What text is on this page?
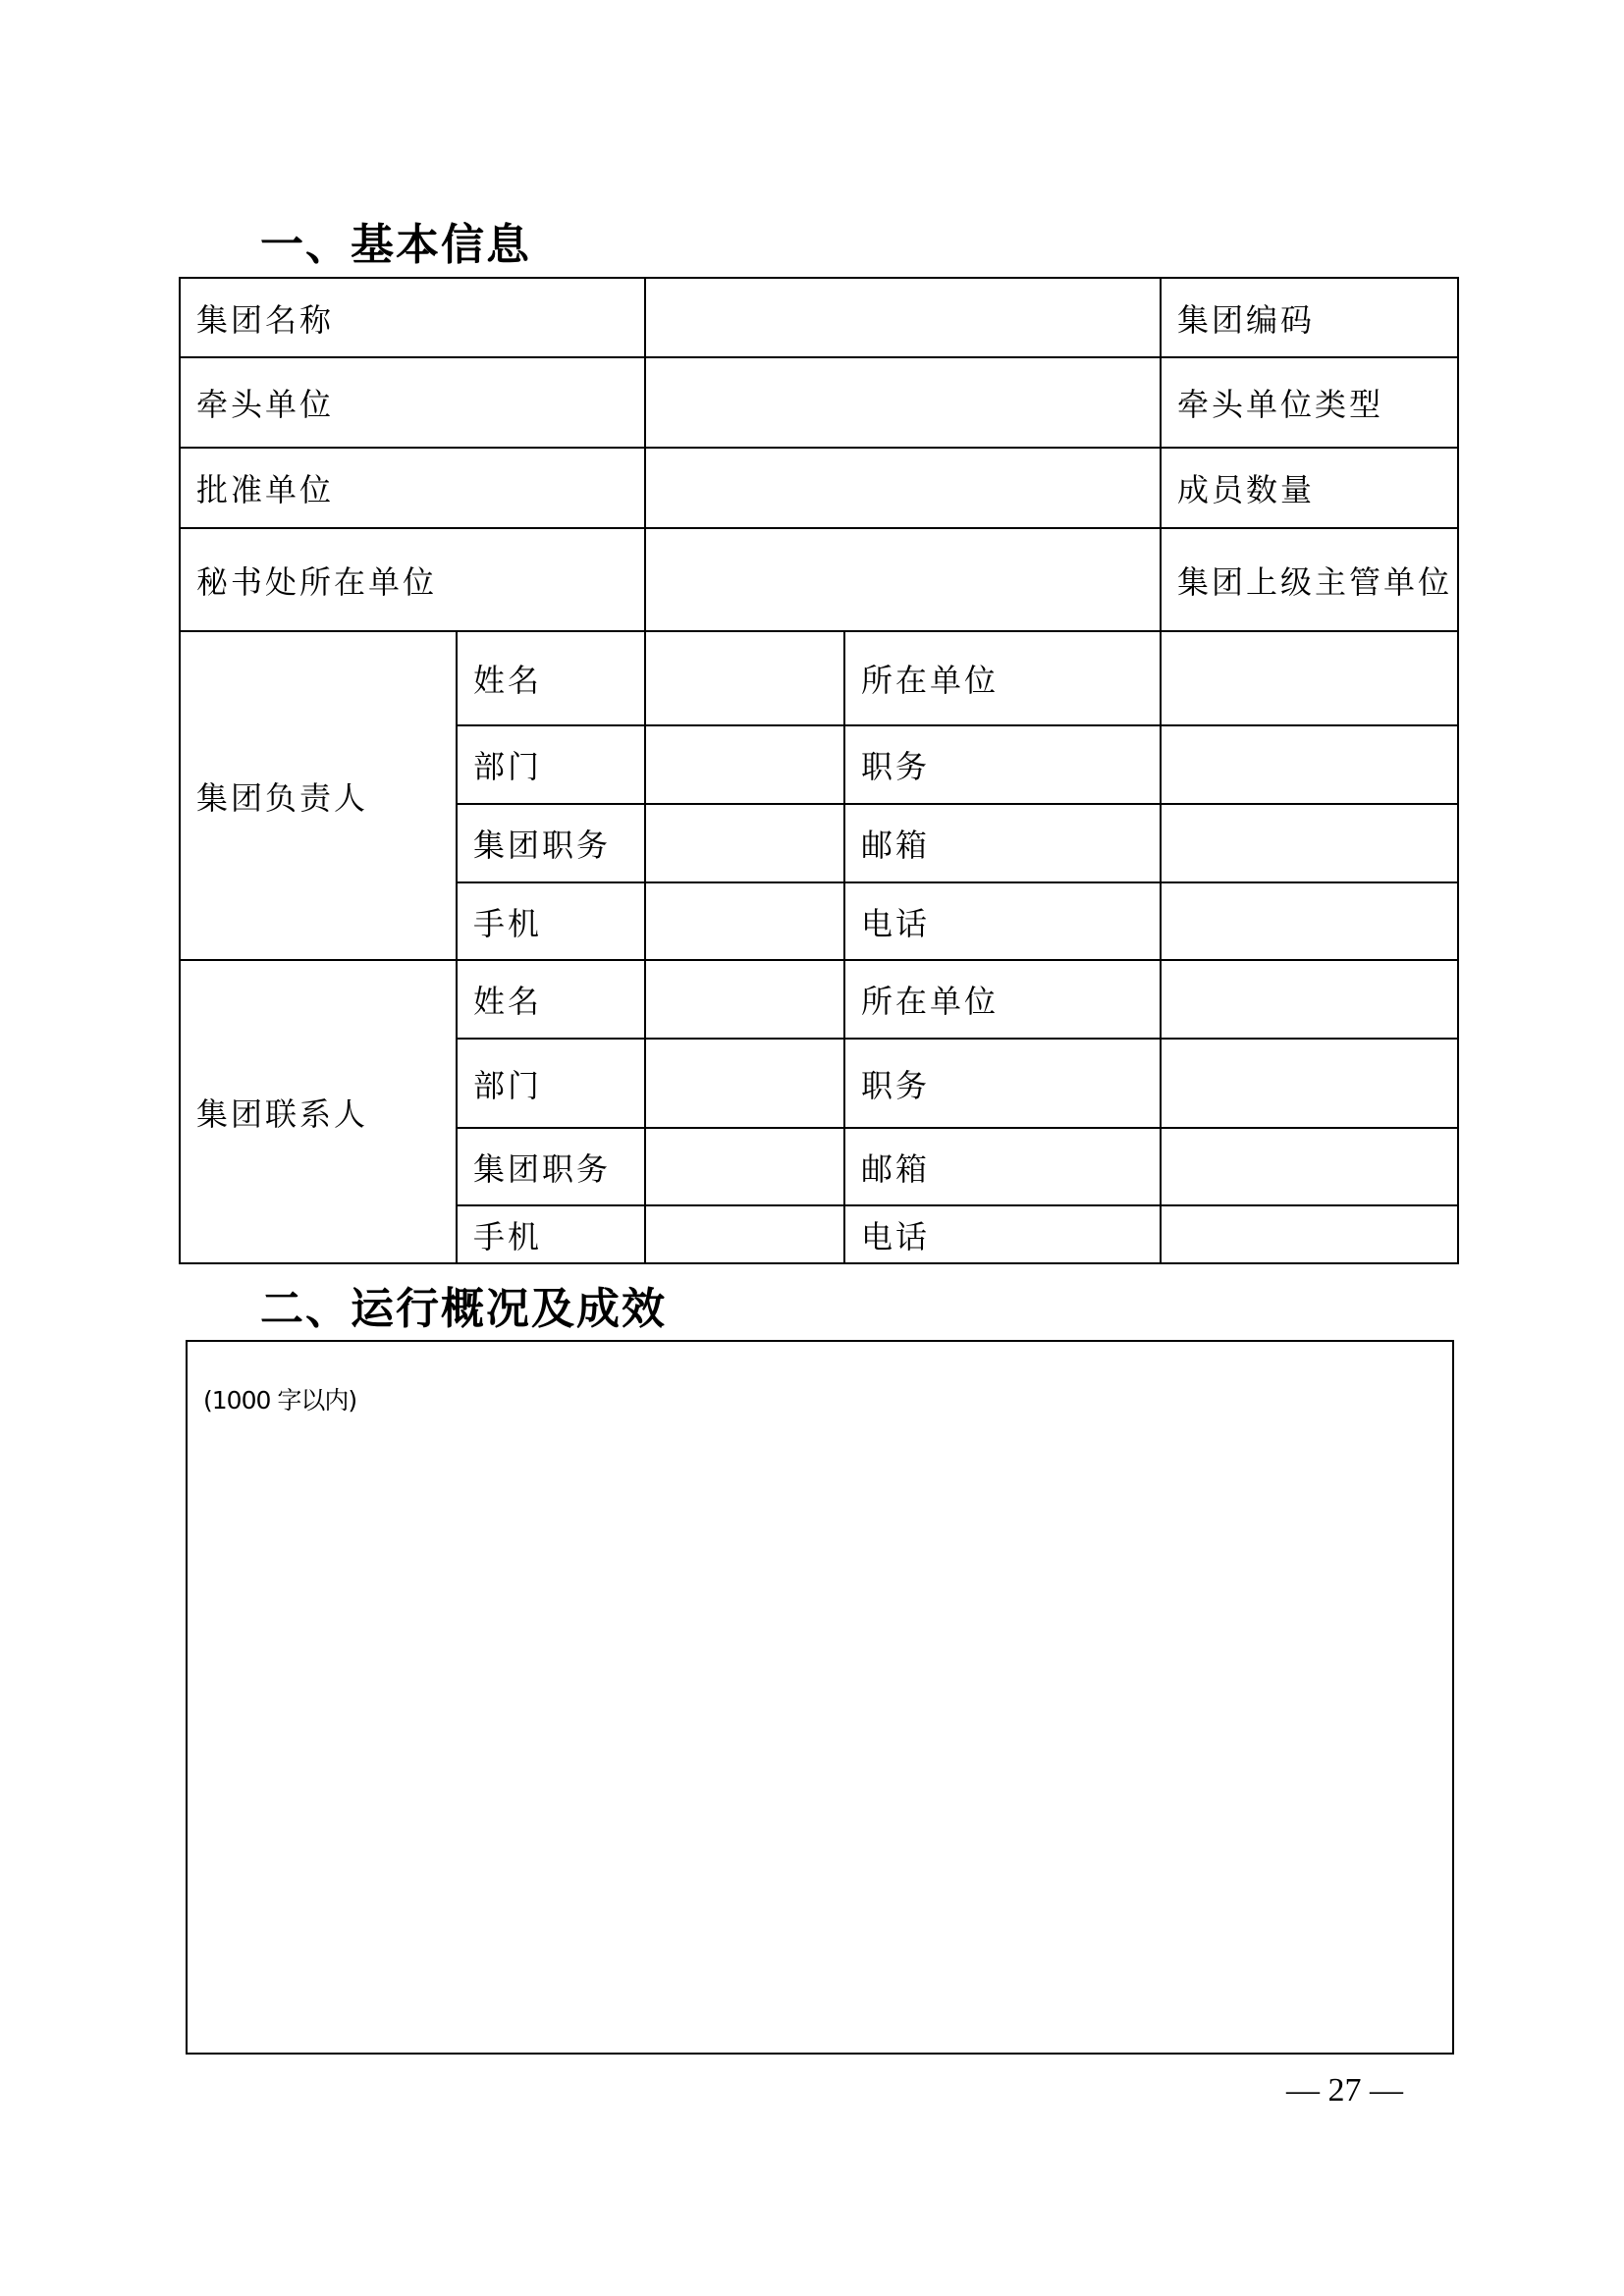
一、基本信息
集团名称				集团编码	
牵头单位				牵头单位类型	
批准单位				成员数量	
秘书处所在单位				集团上级主管单位	
集团负责人	姓名		所在单位		
	部门		职务		
	集团职务		邮箱		
	手机		电话		
集团联系人	姓名		所在单位		
	部门		职务		
	集团职务		邮箱		
	手机		电话		
二、运行概况及成效
(1000 字以内)
— 27 —
